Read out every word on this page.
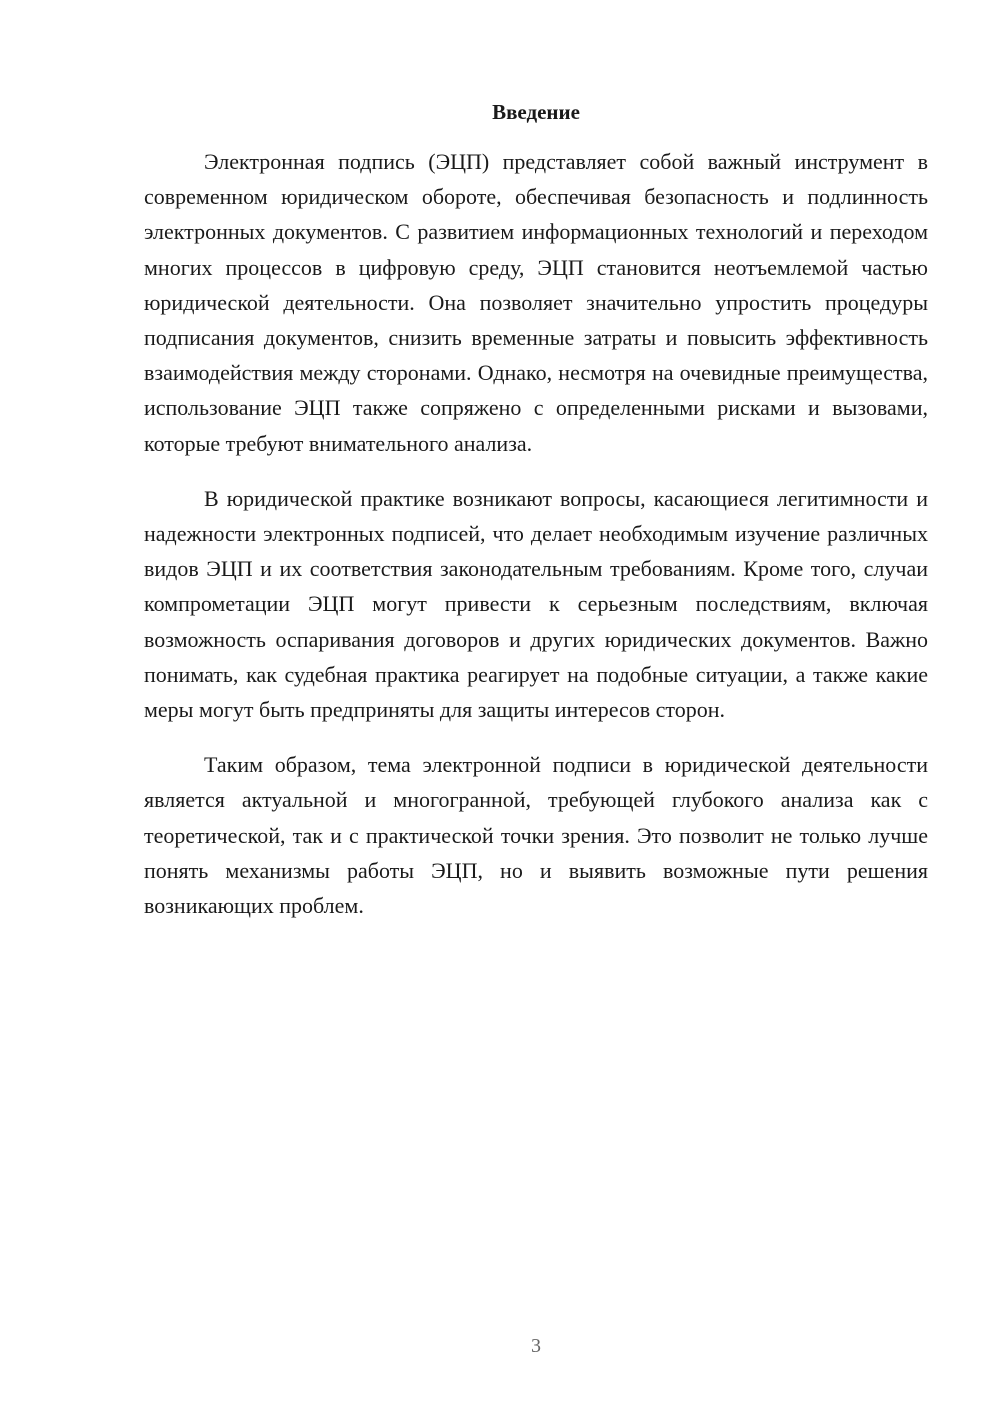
Введение

Электронная подпись (ЭЦП) представляет собой важный инструмент в современном юридическом обороте, обеспечивая безопасность и подлинность электронных документов. С развитием информационных технологий и переходом многих процессов в цифровую среду, ЭЦП становится неотъемлемой частью юридической деятельности. Она позволяет значительно упростить процедуры подписания документов, снизить временные затраты и повысить эффективность взаимодействия между сторонами. Однако, несмотря на очевидные преимущества, использование ЭЦП также сопряжено с определенными рисками и вызовами, которые требуют внимательного анализа.

В юридической практике возникают вопросы, касающиеся легитимности и надежности электронных подписей, что делает необходимым изучение различных видов ЭЦП и их соответствия законодательным требованиям. Кроме того, случаи компрометации ЭЦП могут привести к серьезным последствиям, включая возможность оспаривания договоров и других юридических документов. Важно понимать, как судебная практика реагирует на подобные ситуации, а также какие меры могут быть предприняты для защиты интересов сторон.

Таким образом, тема электронной подписи в юридической деятельности является актуальной и многогранной, требующей глубокого анализа как с теоретической, так и с практической точки зрения. Это позволит не только лучше понять механизмы работы ЭЦП, но и выявить возможные пути решения возникающих проблем.

3
